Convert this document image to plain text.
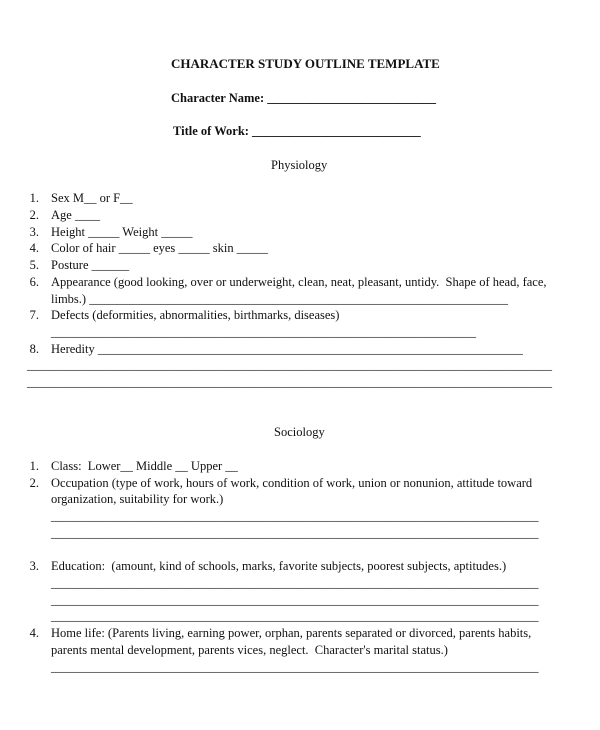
CHARACTER STUDY OUTLINE TEMPLATE
Character Name: ___________________________
Title of Work: ___________________________
Physiology
1. Sex M__ or F__
2. Age ____
3. Height _____ Weight _____
4. Color of hair _____ eyes _____ skin _____
5. Posture ______
6. Appearance (good looking, over or underweight, clean, neat, pleasant, untidy.  Shape of head, face,
limbs.) ___________________________________________________________________
7. Defects (deformities, abnormalities, birthmarks, diseases)
____________________________________________________________________
8. Heredity ____________________________________________________________________
____________________________________________________________________________________
____________________________________________________________________________________
Sociology
1. Class:  Lower__ Middle __ Upper __
2. Occupation (type of work, hours of work, condition of work, union or nonunion, attitude toward
organization, suitability for work.)
______________________________________________________________________________
______________________________________________________________________________
3. Education:  (amount, kind of schools, marks, favorite subjects, poorest subjects, aptitudes.)
______________________________________________________________________________
______________________________________________________________________________
______________________________________________________________________________
4. Home life: (Parents living, earning power, orphan, parents separated or divorced, parents habits,
parents mental development, parents vices, neglect.  Character's marital status.)
______________________________________________________________________________
